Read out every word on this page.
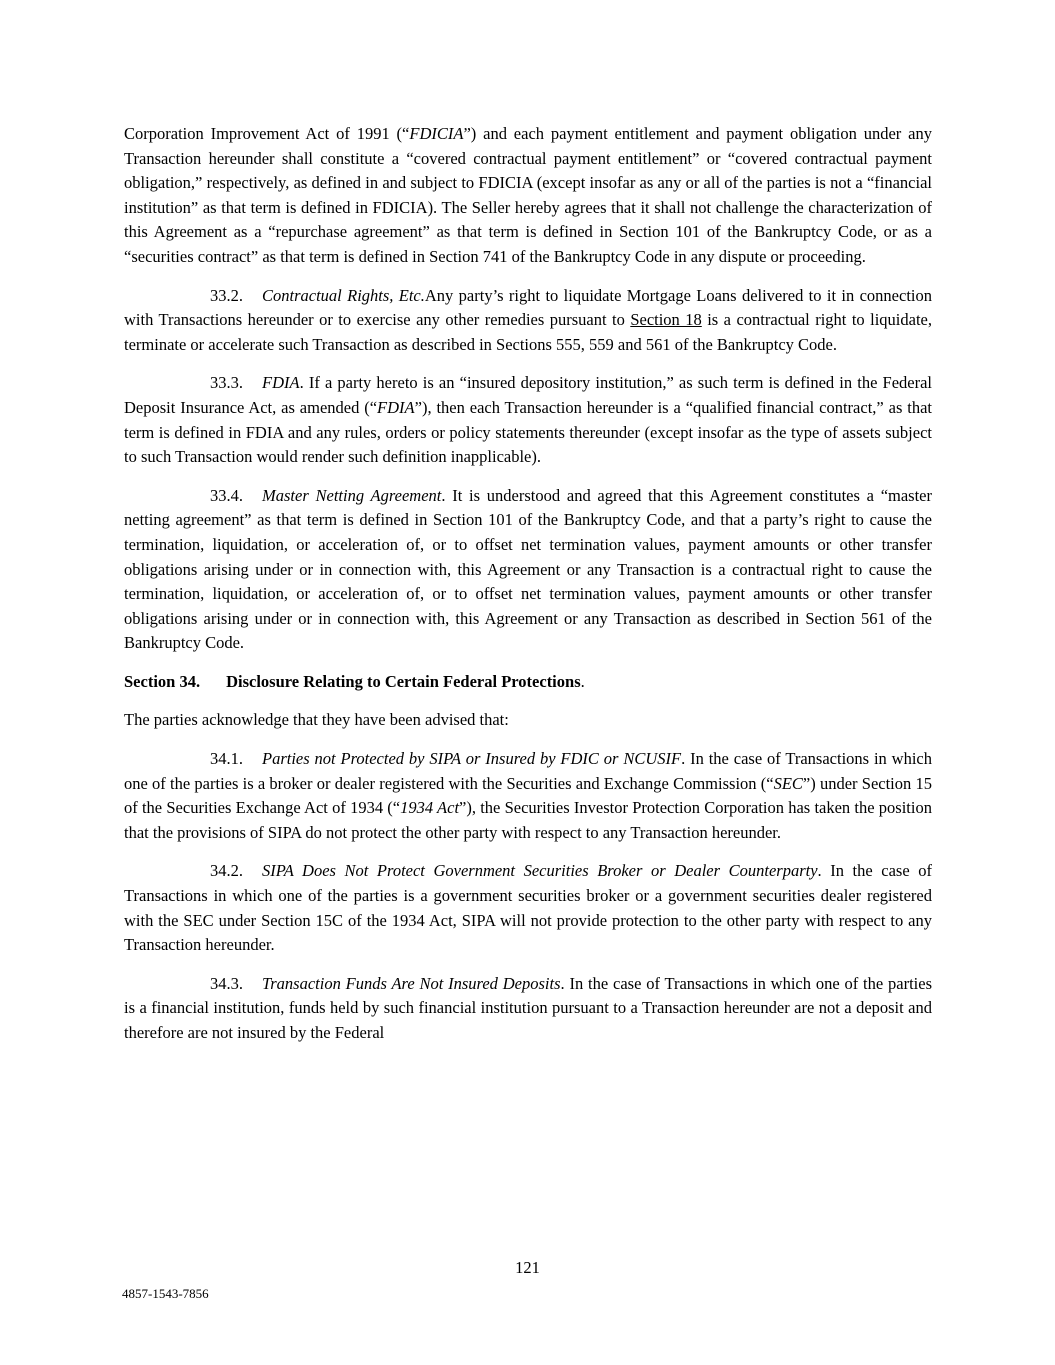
Corporation Improvement Act of 1991 (“FDICIA”) and each payment entitlement and payment obligation under any Transaction hereunder shall constitute a “covered contractual payment entitlement” or “covered contractual payment obligation,” respectively, as defined in and subject to FDICIA (except insofar as any or all of the parties is not a “financial institution” as that term is defined in FDICIA). The Seller hereby agrees that it shall not challenge the characterization of this Agreement as a “repurchase agreement” as that term is defined in Section 101 of the Bankruptcy Code, or as a “securities contract” as that term is defined in Section 741 of the Bankruptcy Code in any dispute or proceeding.

33.2. Contractual Rights, Etc.Any party’s right to liquidate Mortgage Loans delivered to it in connection with Transactions hereunder or to exercise any other remedies pursuant to Section 18 is a contractual right to liquidate, terminate or accelerate such Transaction as described in Sections 555, 559 and 561 of the Bankruptcy Code.

33.3. FDIA. If a party hereto is an “insured depository institution,” as such term is defined in the Federal Deposit Insurance Act, as amended (“FDIA”), then each Transaction hereunder is a “qualified financial contract,” as that term is defined in FDIA and any rules, orders or policy statements thereunder (except insofar as the type of assets subject to such Transaction would render such definition inapplicable).

33.4. Master Netting Agreement. It is understood and agreed that this Agreement constitutes a “master netting agreement” as that term is defined in Section 101 of the Bankruptcy Code, and that a party’s right to cause the termination, liquidation, or acceleration of, or to offset net termination values, payment amounts or other transfer obligations arising under or in connection with, this Agreement or any Transaction is a contractual right to cause the termination, liquidation, or acceleration of, or to offset net termination values, payment amounts or other transfer obligations arising under or in connection with, this Agreement or any Transaction as described in Section 561 of the Bankruptcy Code.

Section 34. Disclosure Relating to Certain Federal Protections.

The parties acknowledge that they have been advised that:

34.1. Parties not Protected by SIPA or Insured by FDIC or NCUSIF. In the case of Transactions in which one of the parties is a broker or dealer registered with the Securities and Exchange Commission (“SEC”) under Section 15 of the Securities Exchange Act of 1934 (“1934 Act”), the Securities Investor Protection Corporation has taken the position that the provisions of SIPA do not protect the other party with respect to any Transaction hereunder.

34.2. SIPA Does Not Protect Government Securities Broker or Dealer Counterparty. In the case of Transactions in which one of the parties is a government securities broker or a government securities dealer registered with the SEC under Section 15C of the 1934 Act, SIPA will not provide protection to the other party with respect to any Transaction hereunder.

34.3. Transaction Funds Are Not Insured Deposits. In the case of Transactions in which one of the parties is a financial institution, funds held by such financial institution pursuant to a Transaction hereunder are not a deposit and therefore are not insured by the Federal

121
4857-1543-7856
